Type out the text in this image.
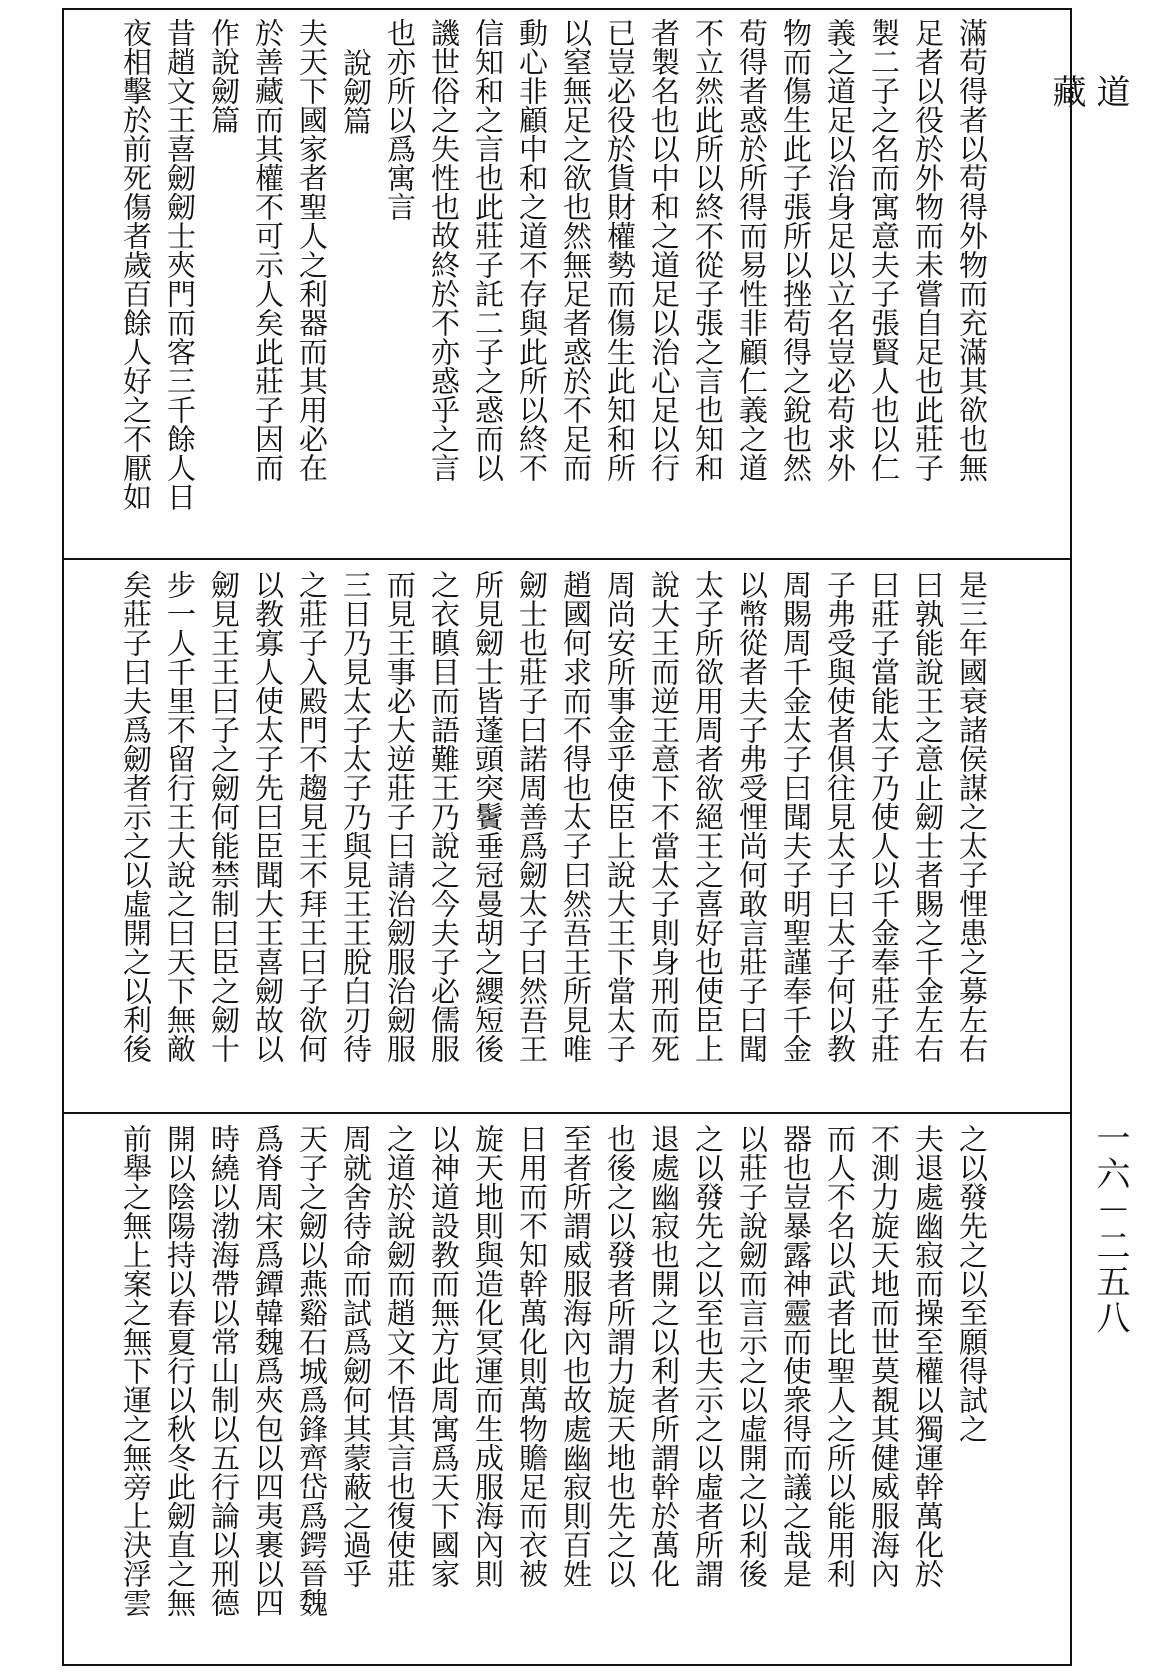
滿苟得者以苟得外物而充滿其欲也無
足者以役於外物而未嘗自足也此莊子
製二子之名而寓意夫子張賢人也以仁
義之道足以治身足以立名豈必苟求外
物而傷生此子張所以挫苟得之銳也然
苟得者惑於所得而易性非顧仁義之道
不立然此所以終不從子張之言也知和
者製名也以中和之道足以治心足以行
已豈必役於貨財權勢而傷生此知和所
以窒無足之欲也然無足者惑於不足而
動心非顧中和之道不存與此所以終不
信知和之言也此莊子託二子之惑而以
譏世俗之失性也故終於不亦惑乎之言
也亦所以爲寓言
說劒篇
夫天下國家者聖人之利器而其用必在
於善藏而其權不可示人矣此莊子因而
作說劒篇
昔趙文王喜劒劒士夾門而客三千餘人日
夜相擊於前死傷者歲百餘人好之不厭如
是三年國衰諸侯謀之太子悝患之募左右
曰孰能說王之意止劒士者賜之千金左右
曰莊子當能太子乃使人以千金奉莊子莊
子弗受與使者俱往見太子曰太子何以教
周賜周千金太子曰聞夫子明聖謹奉千金
以幣從者夫子弗受悝尚何敢言莊子曰聞
太子所欲用周者欲絕王之喜好也使臣上
說大王而逆王意下不當太子則身刑而死
周尚安所事金乎使臣上說大王下當太子
趙國何求而不得也太子曰然吾王所見唯
劒士也莊子曰諾周善爲劒太子曰然吾王
所見劒士皆蓬頭突鬢垂冠曼胡之纓短後
之衣瞋目而語難王乃說之今夫子必儒服
而見王事必大逆莊子曰請治劒服治劒服
三日乃見太子太子乃與見王王脫白刃待
之莊子入殿門不趨見王不拜王曰子欲何
以教寡人使太子先曰臣聞大王喜劒故以
劒見王王曰子之劒何能禁制曰臣之劒十
步一人千里不留行王大說之曰天下無敵
矣莊子曰夫爲劒者示之以虛開之以利後
之以發先之以至願得試之
夫退處幽寂而操至權以獨運幹萬化於
不測力旋天地而世莫覩其健威服海內
而人不名以武者比聖人之所以能用利
器也豈暴露神靈而使衆得而議之哉是
以莊子說劒而言示之以虛開之以利後
之以發先之以至也夫示之以虛者所謂
退處幽寂也開之以利者所謂幹於萬化
也後之以發者所謂力旋天地也先之以
至者所謂威服海內也故處幽寂則百姓
日用而不知幹萬化則萬物贍足而衣被
旋天地則與造化冥運而生成服海內則
以神道設教而無方此周寓爲天下國家
之道於說劒而趙文不悟其言也復使莊
周就舍待命而試爲劒何其蒙蔽之過乎
天子之劒以燕谿石城爲鋒齊岱爲鍔晉魏
爲脊周宋爲鐔韓魏爲夾包以四夷裹以四
時繞以渤海帶以常山制以五行論以刑德
開以陰陽持以春夏行以秋冬此劒直之無
前舉之無上案之無下運之無旁上決浮雲
道　藏
一六－二五八
